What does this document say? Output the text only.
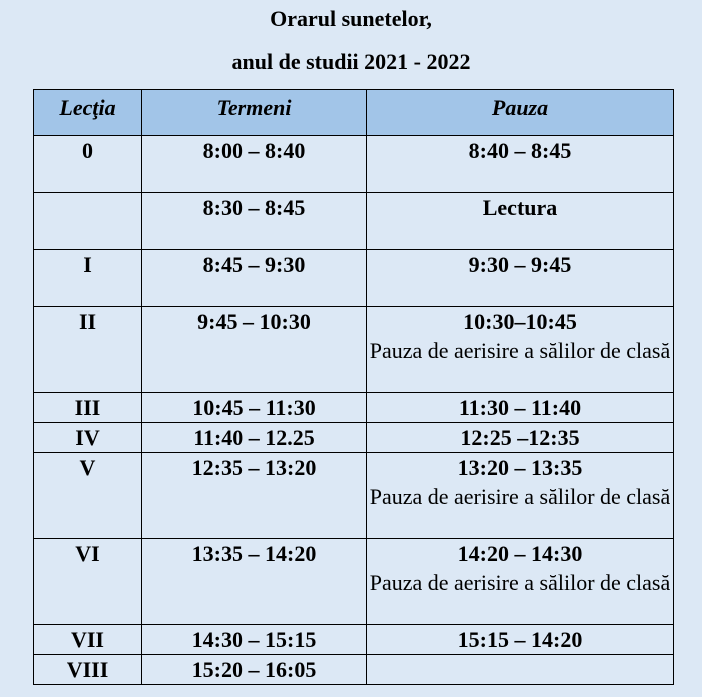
Orarul sunetelor,
anul de studii 2021 - 2022
Lecţia	Termeni	Pauza
0	8:00 – 8:40	8:40 – 8:45
	8:30 – 8:45	Lectura
I	8:45 – 9:30	9:30 – 9:45
II	9:45 – 10:30	10:30–10:45
Pauza de aerisire a sălilor de clasă

III	10:45 – 11:30	11:30 – 11:40
IV	11:40 – 12.25	12:25 –12:35
V	12:35 – 13:20	13:20 – 13:35
Pauza de aerisire a sălilor de clasă

VI	13:35 – 14:20	14:20 – 14:30
Pauza de aerisire a sălilor de clasă

VII	14:30 – 15:15	15:15 – 14:20
VIII	15:20 – 16:05	
